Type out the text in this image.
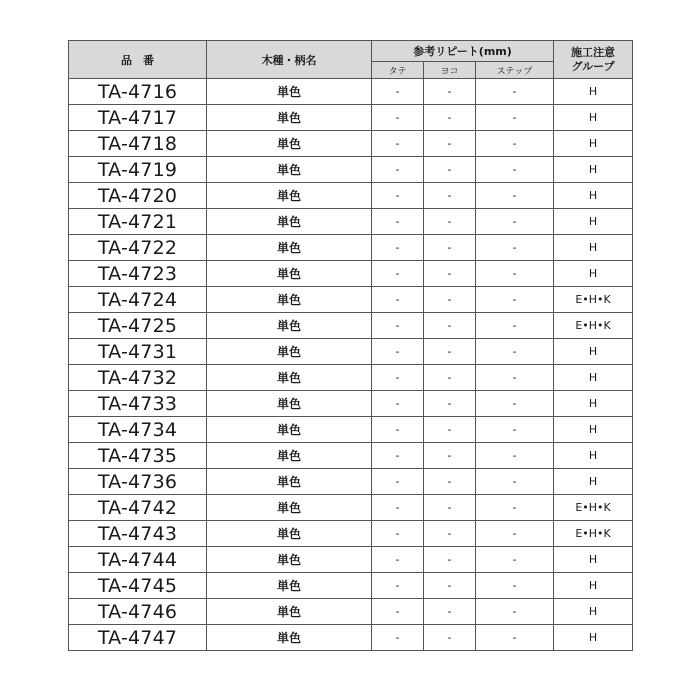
品　番	木種・柄名	参考リピート(mm)			施工注意
グループ

		タテ	ヨコ	ステップ	
TA-4716	単色	-	-	-	H
TA-4717	単色	-	-	-	H
TA-4718	単色	-	-	-	H
TA-4719	単色	-	-	-	H
TA-4720	単色	-	-	-	H
TA-4721	単色	-	-	-	H
TA-4722	単色	-	-	-	H
TA-4723	単色	-	-	-	H
TA-4724	単色	-	-	-	E•H•K
TA-4725	単色	-	-	-	E•H•K
TA-4731	単色	-	-	-	H
TA-4732	単色	-	-	-	H
TA-4733	単色	-	-	-	H
TA-4734	単色	-	-	-	H
TA-4735	単色	-	-	-	H
TA-4736	単色	-	-	-	H
TA-4742	単色	-	-	-	E•H•K
TA-4743	単色	-	-	-	E•H•K
TA-4744	単色	-	-	-	H
TA-4745	単色	-	-	-	H
TA-4746	単色	-	-	-	H
TA-4747	単色	-	-	-	H
